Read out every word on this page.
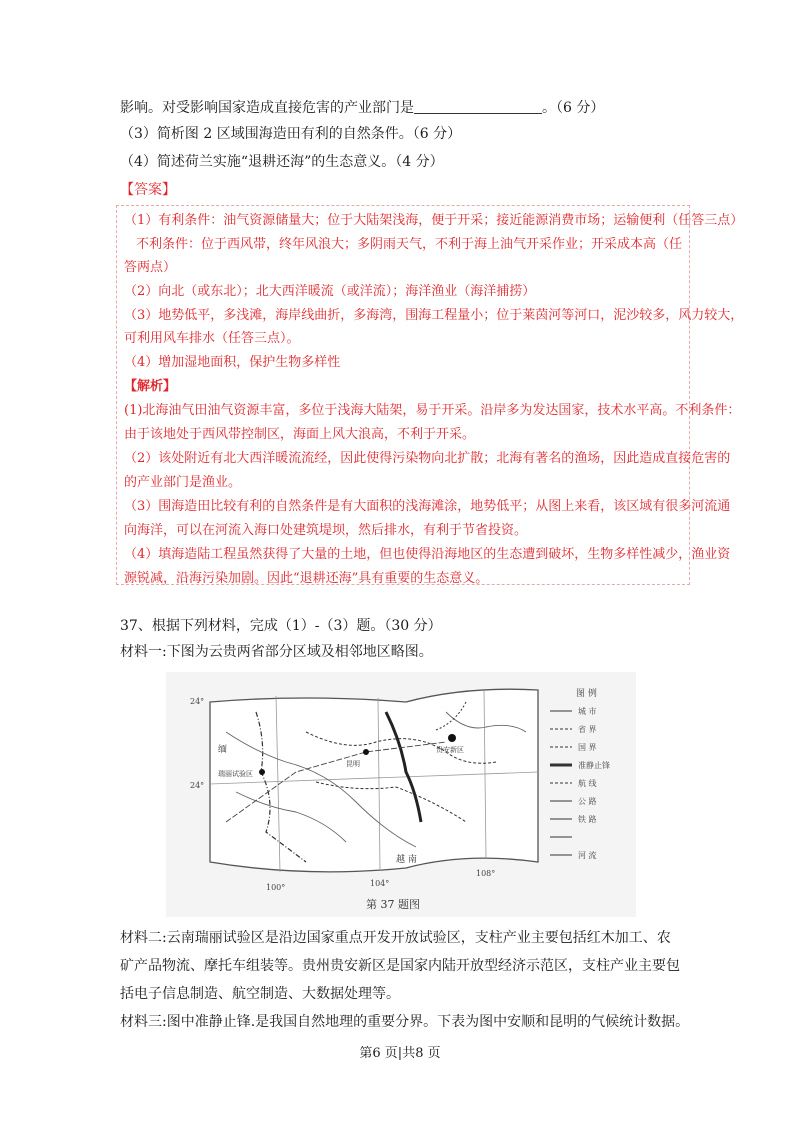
影响。对受影响国家造成直接危害的产业部门是	。（6 分）
（3）简析图 2 区域围海造田有利的自然条件。（6 分）
（4）简述荷兰实施“退耕还海”的生态意义。（4 分）
【答案】
（1）有利条件：油气资源储量大；位于大陆架浅海，便于开采；接近能源消费市场；运输便利（任答三点）
不利条件：位于西风带，终年风浪大；多阴雨天气，不利于海上油气开采作业；开采成本高（任
答两点）
（2）向北（或东北）；北大西洋暖流（或洋流）；海洋渔业（海洋捕捞）
（3）地势低平，多浅滩，海岸线曲折，多海湾，围海工程量小；位于莱茵河等河口，泥沙较多，风力较大，
可利用风车排水（任答三点）。
（4）增加湿地面积，保护生物多样性
【解析】
(1)北海油气田油气资源丰富，多位于浅海大陆架，易于开采。沿岸多为发达国家，技术水平高。不利条件：
由于该地处于西风带控制区，海面上风大浪高，不利于开采。
（2）该处附近有北大西洋暖流流经，因此使得污染物向北扩散；北海有著名的渔场，因此造成直接危害的
的产业部门是渔业。
（3）围海造田比较有利的自然条件是有大面积的浅海滩涂，地势低平；从图上来看，该区域有很多河流通
向海洋，可以在河流入海口处建筑堤坝，然后排水，有利于节省投资。
（4）填海造陆工程虽然获得了大量的土地，但也使得沿海地区的生态遭到破坏，生物多样性减少，渔业资
源锐减，沿海污染加剧。因此“退耕还海”具有重要的生态意义。
37、根据下列材料，完成（1）-（3）题。（30 分）
材料一:下图为云贵两省部分区域及相邻地区略图。
24°
24°
100°	104°
108°
缅
越 南
瑞丽试验区
贵安新区
昆明
图 例
城 市
省 界
国 界
准静止锋
航 线
公 路
铁 路
河 流
第 37 题图
材料二:云南瑞丽试验区是沿边国家重点开发开放试验区，支柱产业主要包括红木加工、农
矿产品物流、摩托车组装等。贵州贵安新区是国家内陆开放型经济示范区，支柱产业主要包
括电子信息制造、航空制造、大数据处理等。
材料三:图中准静止锋.是我国自然地理的重要分界。下表为图中安顺和昆明的气候统计数据。
第6 页|共8 页
